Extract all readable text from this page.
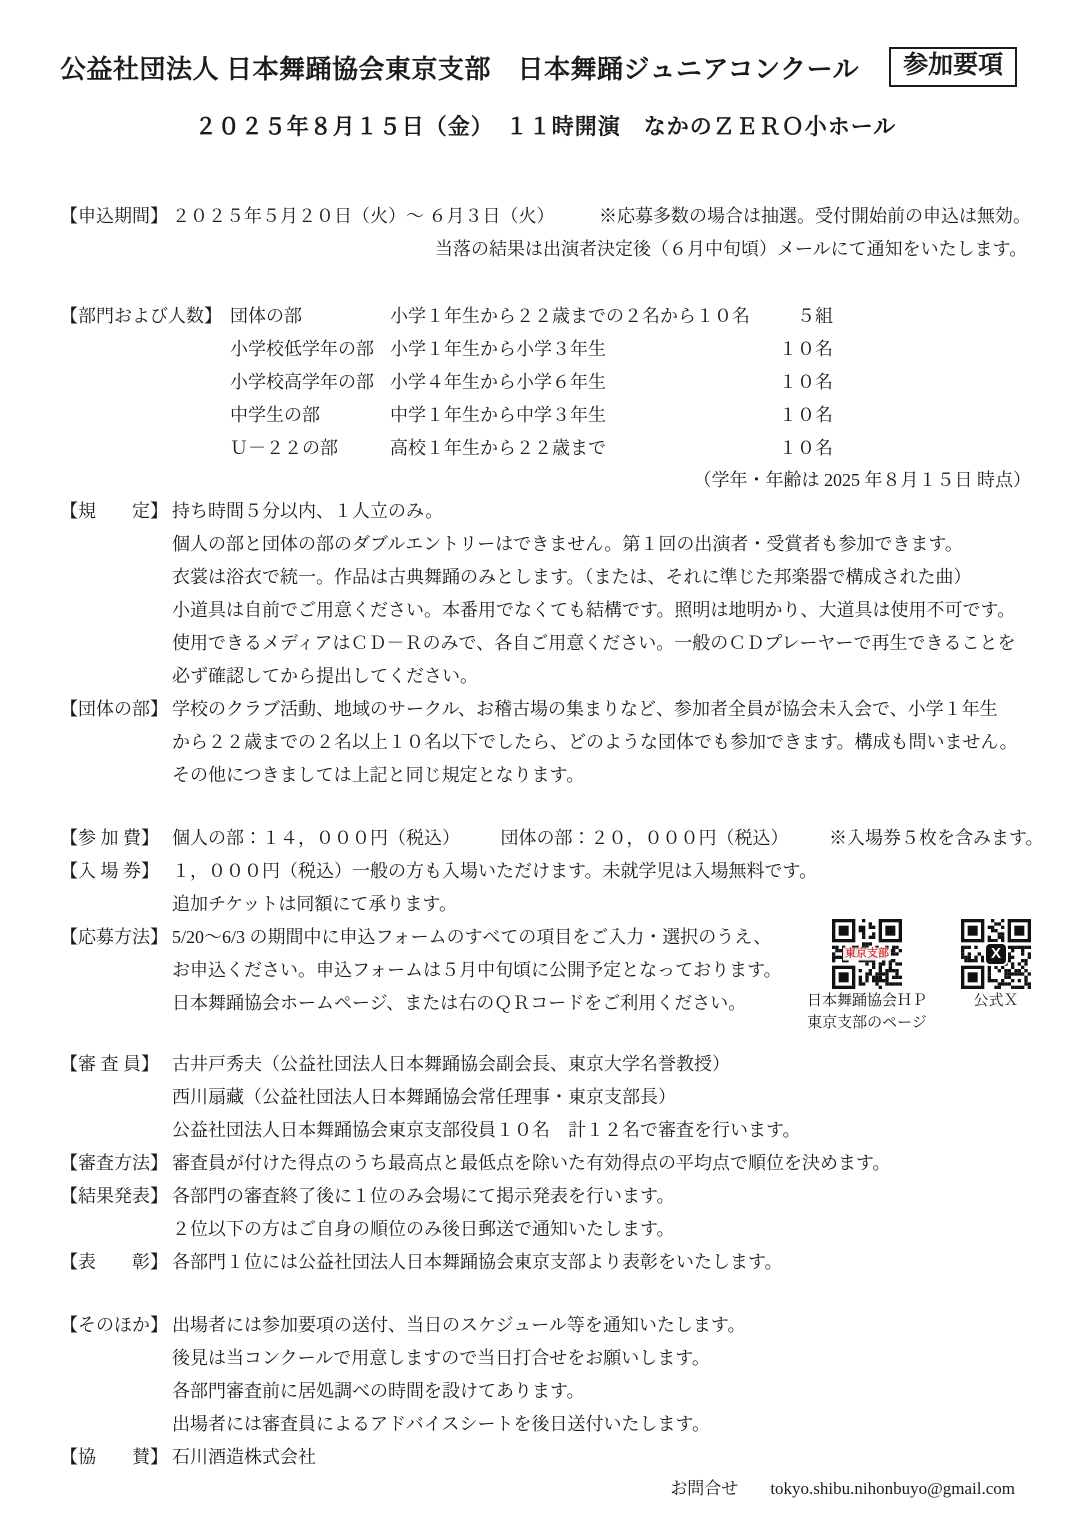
公益社団法人 日本舞踊協会東京支部　日本舞踊ジュニアコンクール	参加要項
２０２５年８月１５日（金）　１１時開演　なかのＺＥＲＯ小ホール
【申込期間】 ２０２５年５月２０日（火）～ ６月３日（火） ※応募多数の場合は抽選。受付開始前の申込は無効。
当落の結果は出演者決定後（６月中旬頃）メールにて通知をいたします。
【部門および人数】 団体の部	小学１年生から２２歳までの２名から１０名	５組
小学校低学年の部 小学１年生から小学３年生	１０名
小学校高学年の部 小学４年生から小学６年生	１０名
中学生の部	中学１年生から中学３年生	１０名
Ｕ－２２の部	高校１年生から２２歳まで	１０名
（学年・年齢は 2025 年８月１５日 時点）
【規　　定】 持ち時間５分以内、１人立のみ。
個人の部と団体の部のダブルエントリーはできません。第１回の出演者・受賞者も参加できます。
衣裳は浴衣で統一。作品は古典舞踊のみとします。（または、それに準じた邦楽器で構成された曲）
小道具は自前でご用意ください。本番用でなくても結構です。照明は地明かり、大道具は使用不可です。
使用できるメディアはＣＤ－Ｒのみで、各自ご用意ください。一般のＣＤプレーヤーで再生できることを
必ず確認してから提出してください。
【団体の部】 学校のクラブ活動、地域のサークル、お稽古場の集まりなど、参加者全員が協会未入会で、小学１年生
から２２歳までの２名以上１０名以下でしたら、どのような団体でも参加できます。構成も問いません。
その他につきましては上記と同じ規定となります。
【参 加 費】 個人の部：１４，０００円（税込） 団体の部：２０，０００円（税込） ※入場券５枚を含みます。
【入 場 券】 １，０００円（税込）一般の方も入場いただけます。未就学児は入場無料です。
追加チケットは同額にて承ります。
【応募方法】 5/20～6/3 の期間中に申込フォームのすべての項目をご入力・選択のうえ、
お申込ください。申込フォームは５月中旬頃に公開予定となっております。
日本舞踊協会ホームページ、または右のＱＲコードをご利用ください。
東京支部
日本舞踊協会ＨＰ
東京支部のページ
X
公式Ｘ
【審 査 員】 古井戸秀夫（公益社団法人日本舞踊協会副会長、東京大学名誉教授）
西川扇藏（公益社団法人日本舞踊協会常任理事・東京支部長）
公益社団法人日本舞踊協会東京支部役員１０名　計１２名で審査を行います。
【審査方法】 審査員が付けた得点のうち最高点と最低点を除いた有効得点の平均点で順位を決めます。
【結果発表】 各部門の審査終了後に１位のみ会場にて掲示発表を行います。
２位以下の方はご自身の順位のみ後日郵送で通知いたします。
【表　　彰】 各部門１位には公益社団法人日本舞踊協会東京支部より表彰をいたします。
【そのほか】 出場者には参加要項の送付、当日のスケジュール等を通知いたします。
後見は当コンクールで用意しますので当日打合せをお願いします。
各部門審査前に居処調べの時間を設けてあります。
出場者には審査員によるアドバイスシートを後日送付いたします。
【協　　賛】 石川酒造株式会社
お問合せ tokyo.shibu.nihonbuyo@gmail.com
